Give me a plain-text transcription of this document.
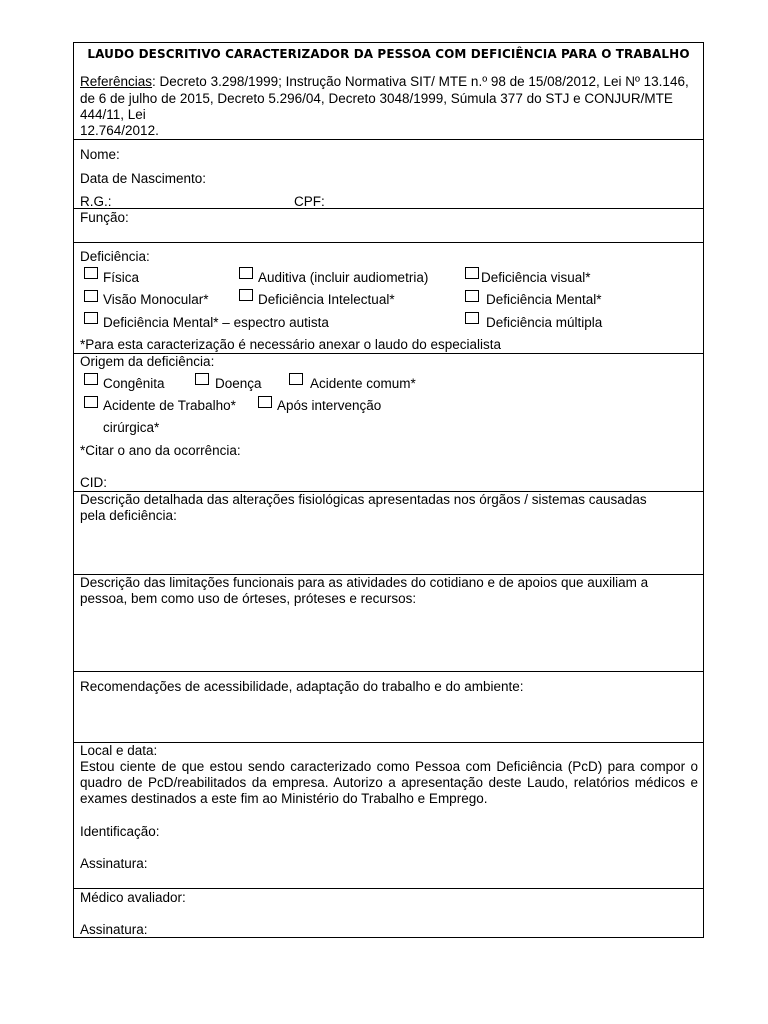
LAUDO DESCRITIVO CARACTERIZADOR DA PESSOA COM DEFICIÊNCIA PARA O TRABALHO
Referências: Decreto 3.298/1999; Instrução Normativa SIT/ MTE n.º 98 de 15/08/2012, Lei Nº 13.146,
de 6 de julho de 2015, Decreto 5.296/04, Decreto 3048/1999, Súmula 377 do STJ e CONJUR/MTE
444/11, Lei
12.764/2012.
Nome:
Data de Nascimento:
R.G.:	CPF:
Função:
Deficiência:
Física	Auditiva (incluir audiometria)	Deficiência visual*
Visão Monocular*	Deficiência Intelectual*	Deficiência Mental*
Deficiência Mental* – espectro autista	Deficiência múltipla
*Para esta caracterização é necessário anexar o laudo do especialista
Origem da deficiência:
Congênita	Doença	Acidente comum*
Acidente de Trabalho*	Após intervenção
cirúrgica*
*Citar o ano da ocorrência:
CID:
Descrição detalhada das alterações fisiológicas apresentadas nos órgãos / sistemas causadas
pela deficiência:
Descrição das limitações funcionais para as atividades do cotidiano e de apoios que auxiliam a
pessoa, bem como uso de órteses, próteses e recursos:
Recomendações de acessibilidade, adaptação do trabalho e do ambiente:
Local e data:
Estou ciente de que estou sendo caracterizado como Pessoa com Deficiência (PcD) para compor o quadro de PcD/reabilitados da empresa. Autorizo a apresentação deste Laudo, relatórios médicos e exames destinados a este fim ao Ministério do Trabalho e Emprego.
Identificação:
Assinatura:
Médico avaliador:
Assinatura:
